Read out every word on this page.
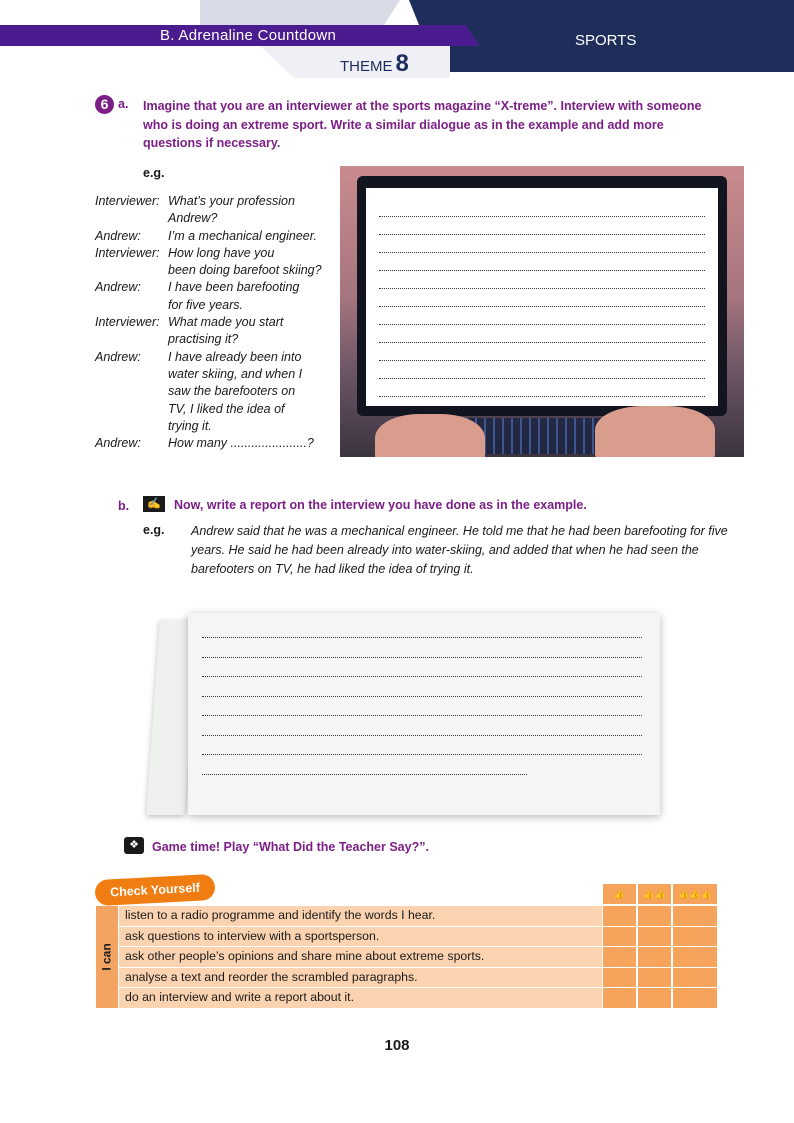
B. Adrenaline Countdown	SPORTS
THEME 8
6 a. Imagine that you are an interviewer at the sports magazine “X-treme”. Interview with someone who is doing an extreme sport. Write a similar dialogue as in the example and add more questions if necessary.
e.g.
Interviewer: What’s your profession
Andrew?
Andrew:	I’m a mechanical engineer.
Interviewer: How long have you
been doing barefoot skiing?
Andrew:	I have been barefooting
for five years.
Interviewer: What made you start
practising it?
Andrew:	I have already been into
water skiing, and when I
saw the barefooters on
TV, I liked the idea of
trying it.
Andrew:	How many ......................?
b.	✍	Now, write a report on the interview you have done as in the example.
e.g. Andrew said that he was a mechanical engineer. He told me that he had been barefooting for five years. He said he had been already into water-skiing, and added that when he had seen the barefooters on TV, he had liked the idea of trying it.
❖	Game time! Play “What Did the Teacher Say?”.
Check Yourself
I can
👍	👍👍	👍👍👍
listen to a radio programme and identify the words I hear.
ask questions to interview with a sportsperson.
ask other people’s opinions and share mine about extreme sports.
analyse a text and reorder the scrambled paragraphs.
do an interview and write a report about it.
108
